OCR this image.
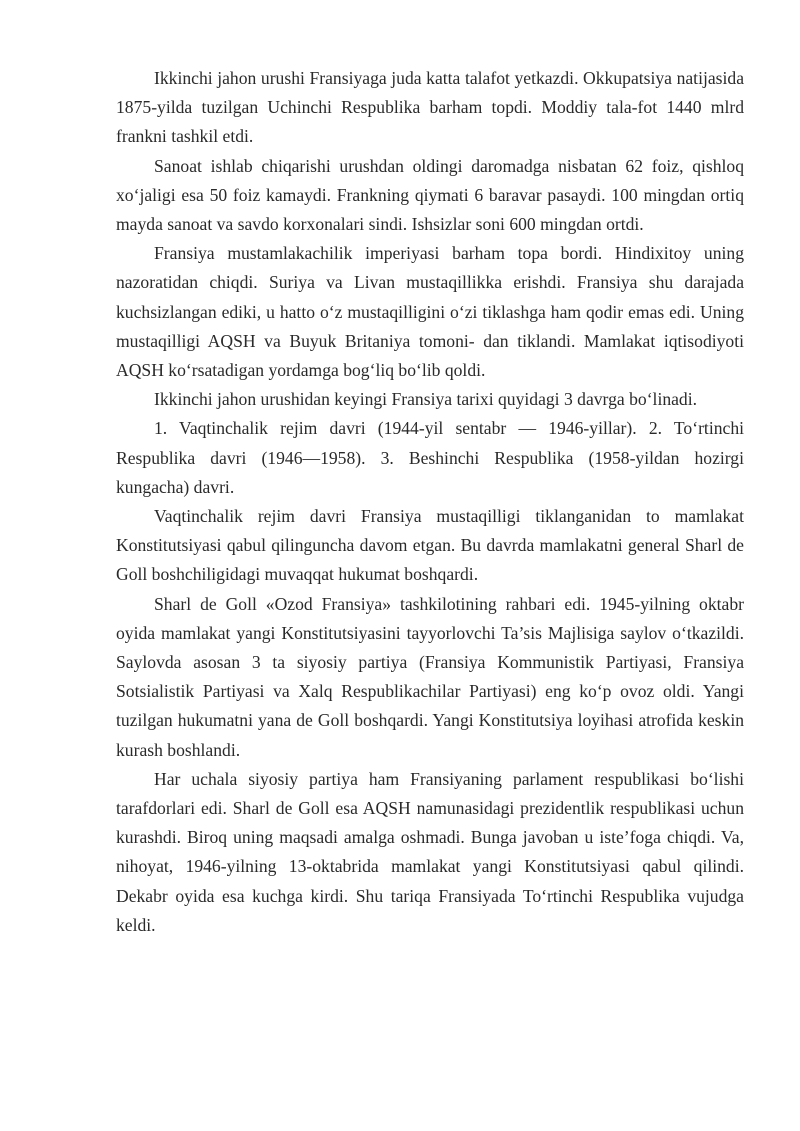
Ikkinchi jahon urushi Fransiyaga juda katta talafot yetkazdi. Okkupatsiya natijasida 1875-yilda tuzilgan Uchinchi Respublika barham topdi. Moddiy tala-fot 1440 mlrd frankni tashkil etdi.

Sanoat ishlab chiqarishi urushdan oldingi daromadga nisbatan 62 foiz, qishloq xo‘jaligi esa 50 foiz kamaydi. Frankning qiymati 6 baravar pasaydi. 100 mingdan ortiq mayda sanoat va savdo korxonalari sindi. Ishsizlar soni 600 mingdan ortdi.

Fransiya mustamlakachilik imperiyasi barham topa bordi. Hindixitoy uning nazoratidan chiqdi. Suriya va Livan mustaqillikka erishdi. Fransiya shu darajada kuchsizlangan ediki, u hatto o‘z mustaqilligini o‘zi tiklashga ham qodir emas edi. Uning mustaqilligi AQSH va Buyuk Britaniya tomoni- dan tiklandi. Mamlakat iqtisodiyoti AQSH ko‘rsatadigan yordamga bog‘liq bo‘lib qoldi.

Ikkinchi jahon urushidan keyingi Fransiya tarixi quyidagi 3 davrga bo‘linadi.

1. Vaqtinchalik rejim davri (1944-yil sentabr — 1946-yillar). 2. To‘rtinchi Respublika davri (1946—1958). 3. Beshinchi Respublika (1958-yildan hozirgi kungacha) davri.

Vaqtinchalik rejim davri Fransiya mustaqilligi tiklanganidan to mamlakat Konstitutsiyasi qabul qilinguncha davom etgan. Bu davrda mamlakatni general Sharl de Goll boshchiligidagi muvaqqat hukumat boshqardi.

Sharl de Goll «Ozod Fransiya» tashkilotining rahbari edi. 1945-yilning oktabr oyida mamlakat yangi Konstitutsiyasini tayyorlovchi Ta’sis Majlisiga saylov o‘tkazildi. Saylovda asosan 3 ta siyosiy partiya (Fransiya Kommunistik Partiyasi, Fransiya Sotsialistik Partiyasi va Xalq Respublikachilar Partiyasi) eng ko‘p ovoz oldi. Yangi tuzilgan hukumatni yana de Goll boshqardi. Yangi Konstitutsiya loyihasi atrofida keskin kurash boshlandi.

Har uchala siyosiy partiya ham Fransiyaning parlament respublikasi bo‘lishi tarafdorlari edi. Sharl de Goll esa AQSH namunasidagi prezidentlik respublikasi uchun kurashdi. Biroq uning maqsadi amalga oshmadi. Bunga javoban u iste’foga chiqdi. Va, nihoyat, 1946-yilning 13-oktabrida mamlakat yangi Konstitutsiyasi qabul qilindi. Dekabr oyida esa kuchga kirdi. Shu tariqa Fransiyada To‘rtinchi Respublika vujudga keldi.
